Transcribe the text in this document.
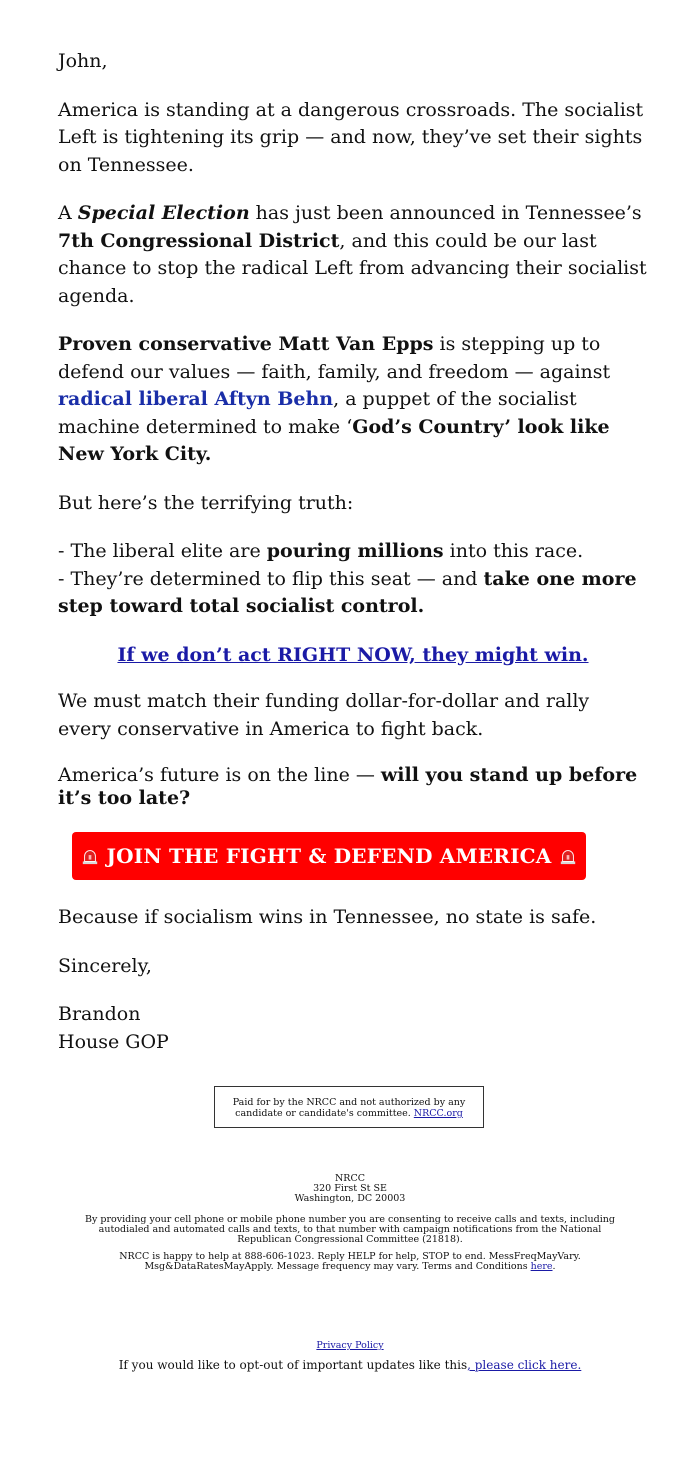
John,

America is standing at a dangerous crossroads. The socialist Left is tightening its grip — and now, they’ve set their sights on Tennessee.

A Special Election has just been announced in Tennessee’s 7th Congressional District, and this could be our last chance to stop the radical Left from advancing their socialist agenda.

Proven conservative Matt Van Epps is stepping up to defend our values — faith, family, and freedom — against radical liberal Aftyn Behn, a puppet of the socialist machine determined to make ‘God’s Country’ look like New York City.

But here’s the terrifying truth:

- The liberal elite are pouring millions into this race.
- They’re determined to flip this seat — and take one more step toward total socialist control.

If we don’t act RIGHT NOW, they might win.

We must match their funding dollar-for-dollar and rally every conservative in America to fight back.

America’s future is on the line — will you stand up before it’s too late?

JOIN THE FIGHT & DEFEND AMERICA

Because if socialism wins in Tennessee, no state is safe.

Sincerely,

Brandon
House GOP

Paid for by the NRCC and not authorized by any candidate or candidate's committee. NRCC.org

NRCC
320 First St SE
Washington, DC 20003

By providing your cell phone or mobile phone number you are consenting to receive calls and texts, including autodialed and automated calls and texts, to that number with campaign notifications from the National Republican Congressional Committee (21818).

NRCC is happy to help at 888-606-1023. Reply HELP for help, STOP to end. MessFreqMayVary. Msg&DataRatesMayApply. Message frequency may vary. Terms and Conditions here.

Privacy Policy
If you would like to opt-out of important updates like this, please click here.
